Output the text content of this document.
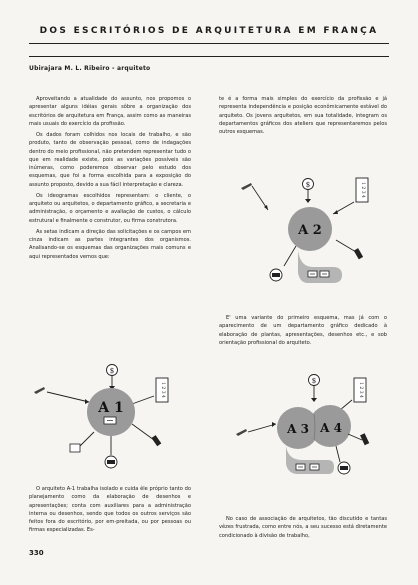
DOS ESCRITÓRIOS DE ARQUITETURA EM FRANÇA
Ubirajara M. L. Ribeiro - arquiteto

Aproveitando a atualidade do assunto, nos propomos o apresentar alguns idéias gerais sôbre a organização dos escritórios de arquitetura em França, assim como as maneiras mais usuais do exercício da profissão.

Os dados foram colhidos nos locais de trabalho, e são produto, tanto de observação pessoal, como de indagações dentro do meio profissional, não pretendem representar tudo o que em realidade existe, pois as variações possíveis são inúmeras, como poderemos observar pelo estudo dos esquemas, que foi a forma escolhida para a exposição do assunto proposto, devido a sua fácil interpretação e clareza.

Os ideogramas escolhidos representam: o cliente, o arquiteto ou arquitetos, o departamento gráfico, a secretaria e administração, o orçamento e avaliação de custos, o cálculo estrutural e finalmente o construtor, ou firma construtora.

As setas indicam a direção das solicitações e os campos em cinza indicam as partes integrantes dos organismos. Analisando-se os esquemas das organizações mais comuns e aqui representados vemos que:

O arquiteto A-1 trabalha isolado e cuida êle próprio tanto do planejamento como da elaboração de desenhos e apresentações; conta com auxiliares para a administração interna ou desenhos, sendo que todos os outros serviços são feitos fora do escritório, por em-preitada, ou por pessoas ou firmas especializadas. Es-

te é a forma mais simples do exercício da profissão e já representa independência e posição econômicamente estável do arquiteto. Os jovens arquitetos, em sua totalidade, integram os departamentos gráficos dos ateliers que representaremos pelos outros esquemas.

E' uma variante do primeiro esquema, mas já com o aparecimento de um departamento gráfico dedicado à elaboração de plantas, apresentações, desenhos etc., e sob orientação profissional do arquiteto.

No caso de associação de arquitetos, tão discutido e tantas vêzes frustrada, como entre nós, a seu sucesso está diretamente condicionado à divisão de trabalho,

330
$	1 2 3 4
A 2
$
1 2 3 4
A 1
$
1 2 3 4
A 3 A 4
